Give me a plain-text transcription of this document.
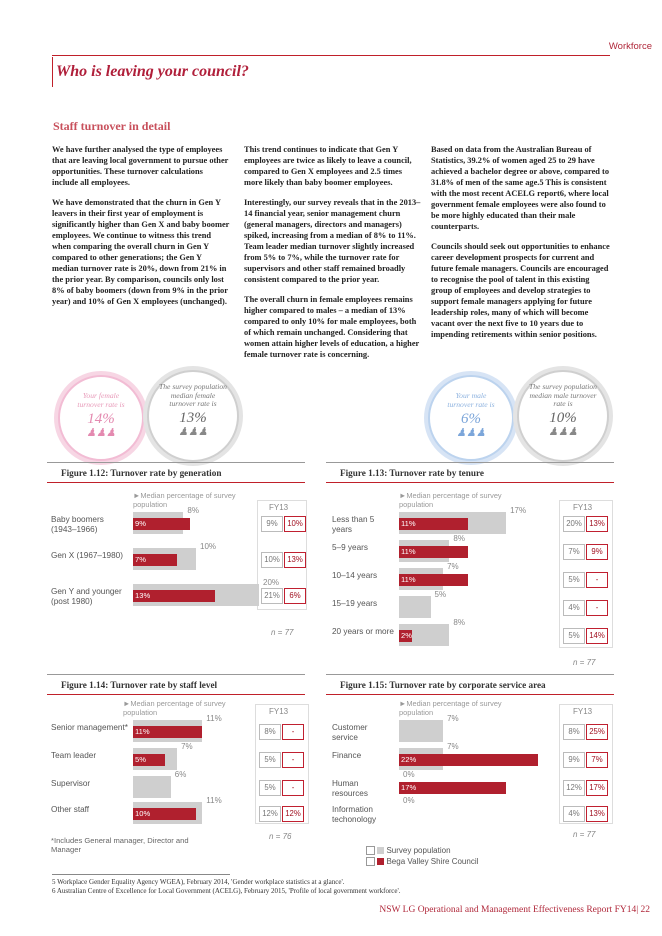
Workforce
Who is leaving your council?
Staff turnover in detail

We have further analysed the type of employees that are leaving local government to pursue other opportunities. These turnover calculations include all employees.

We have demonstrated that the churn in Gen Y leavers in their first year of employment is significantly higher than Gen X and baby boomer employees. We continue to witness this trend when comparing the overall churn in Gen Y compared to other generations; the Gen Y median turnover rate is 20%, down from 21% in the prior year. By comparison, councils only lost 8% of baby boomers (down from 9% in the prior year) and 10% of Gen X employees (unchanged).

This trend continues to indicate that Gen Y employees are twice as likely to leave a council, compared to Gen X employees and 2.5 times more likely than baby boomer employees.

Interestingly, our survey reveals that in the 2013–14 financial year, senior management churn (general managers, directors and managers) spiked, increasing from a median of 8% to 11%. Team leader median turnover slightly increased from 5% to 7%, while the turnover rate for supervisors and other staff remained broadly consistent compared to the prior year.

The overall churn in female employees remains higher compared to males – a median of 13% compared to only 10% for male employees, both of which remain unchanged. Considering that women attain higher levels of education, a higher female turnover rate is concerning.

Based on data from the Australian Bureau of Statistics, 39.2% of women aged 25 to 29 have achieved a bachelor degree or above, compared to 31.8% of men of the same age.5 This is consistent with the most recent ACELG report6, where local government female employees were also found to be more highly educated than their male counterparts.

Councils should seek out opportunities to enhance career development prospects for current and future female managers. Councils are encouraged to recognise the pool of talent in this existing group of employees and develop strategies to support female managers applying for future leadership roles, many of which will become vacant over the next five to 10 years due to impending retirements within senior positions.

Your female turnover rate is
14%
♟♟♟
The survey population median female turnover rate is
13%
♟♟♟
Your male turnover rate is
6%
♟♟♟
The survey population median male turnover rate is
10%
♟♟♟
Figure 1.12: Turnover rate by generation
►Median percentage of survey population	FY13
Baby boomers (1943–1966)
8%
9%	9%	10%
Gen X (1967–1980)
10%
7%	10% 13%
Gen Y and younger (post 1980)
20%
13%	21%	6%
n = 77
Figure 1.13: Turnover rate by tenure
►Median percentage of survey population	FY13
Less than 5 years
17%
11%	20% 13%
5–9 years
8%
11%	7%	9%
10–14 years
7%
11%	5%	-
15–19 years
5%
4%	-
20 years or more
8%
2%	5%	14%
n = 77
Figure 1.14: Turnover rate by staff level
►Median percentage of survey population	FY13
Senior management*
11%
11%	8%	-
Team leader
7%
5%	5%	-
Supervisor
6%
5%	-
Other staff
11%
10%	12% 12%
n = 76
*Includes General manager, Director and Manager
Figure 1.15: Turnover rate by corporate service area
►Median percentage of survey population	FY13
Customer service
7%
8%	25%
Finance
7%
22%	9%	7%
Human resources
0%
17%	12% 17%
Information techonology
0%
4%	13%
n = 77
Survey population
Bega Valley Shire Council
5 Workplace Gender Equality Agency WGEA), February 2014, 'Gender workplace statistics at a glance'.
6 Australian Centre of Excellence for Local Government (ACELG), February 2015, 'Profile of local government workforce'.
NSW LG Operational and Management Effectiveness Report FY14| 22
